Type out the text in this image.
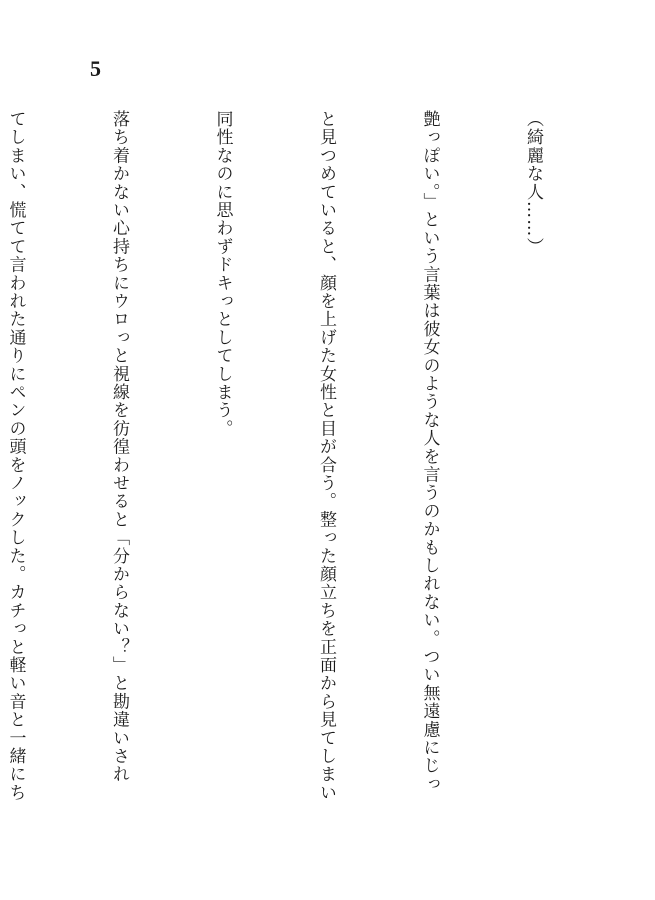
5

（綺麗な人……）

艶っぽい。」という言葉は彼女のような人を言うのかもしれない。つい無遠慮にじっ

と見つめていると、顔を上げた女性と目が合う。整った顔立ちを正面から見てしまい

同性なのに思わずドキっとしてしまう。

落ち着かない心持ちにウロっと視線を彷徨わせると「分からない？」と勘違いされ

てしまい、慌てて言われた通りにペンの頭をノックした。カチっと軽い音と一緒にち
